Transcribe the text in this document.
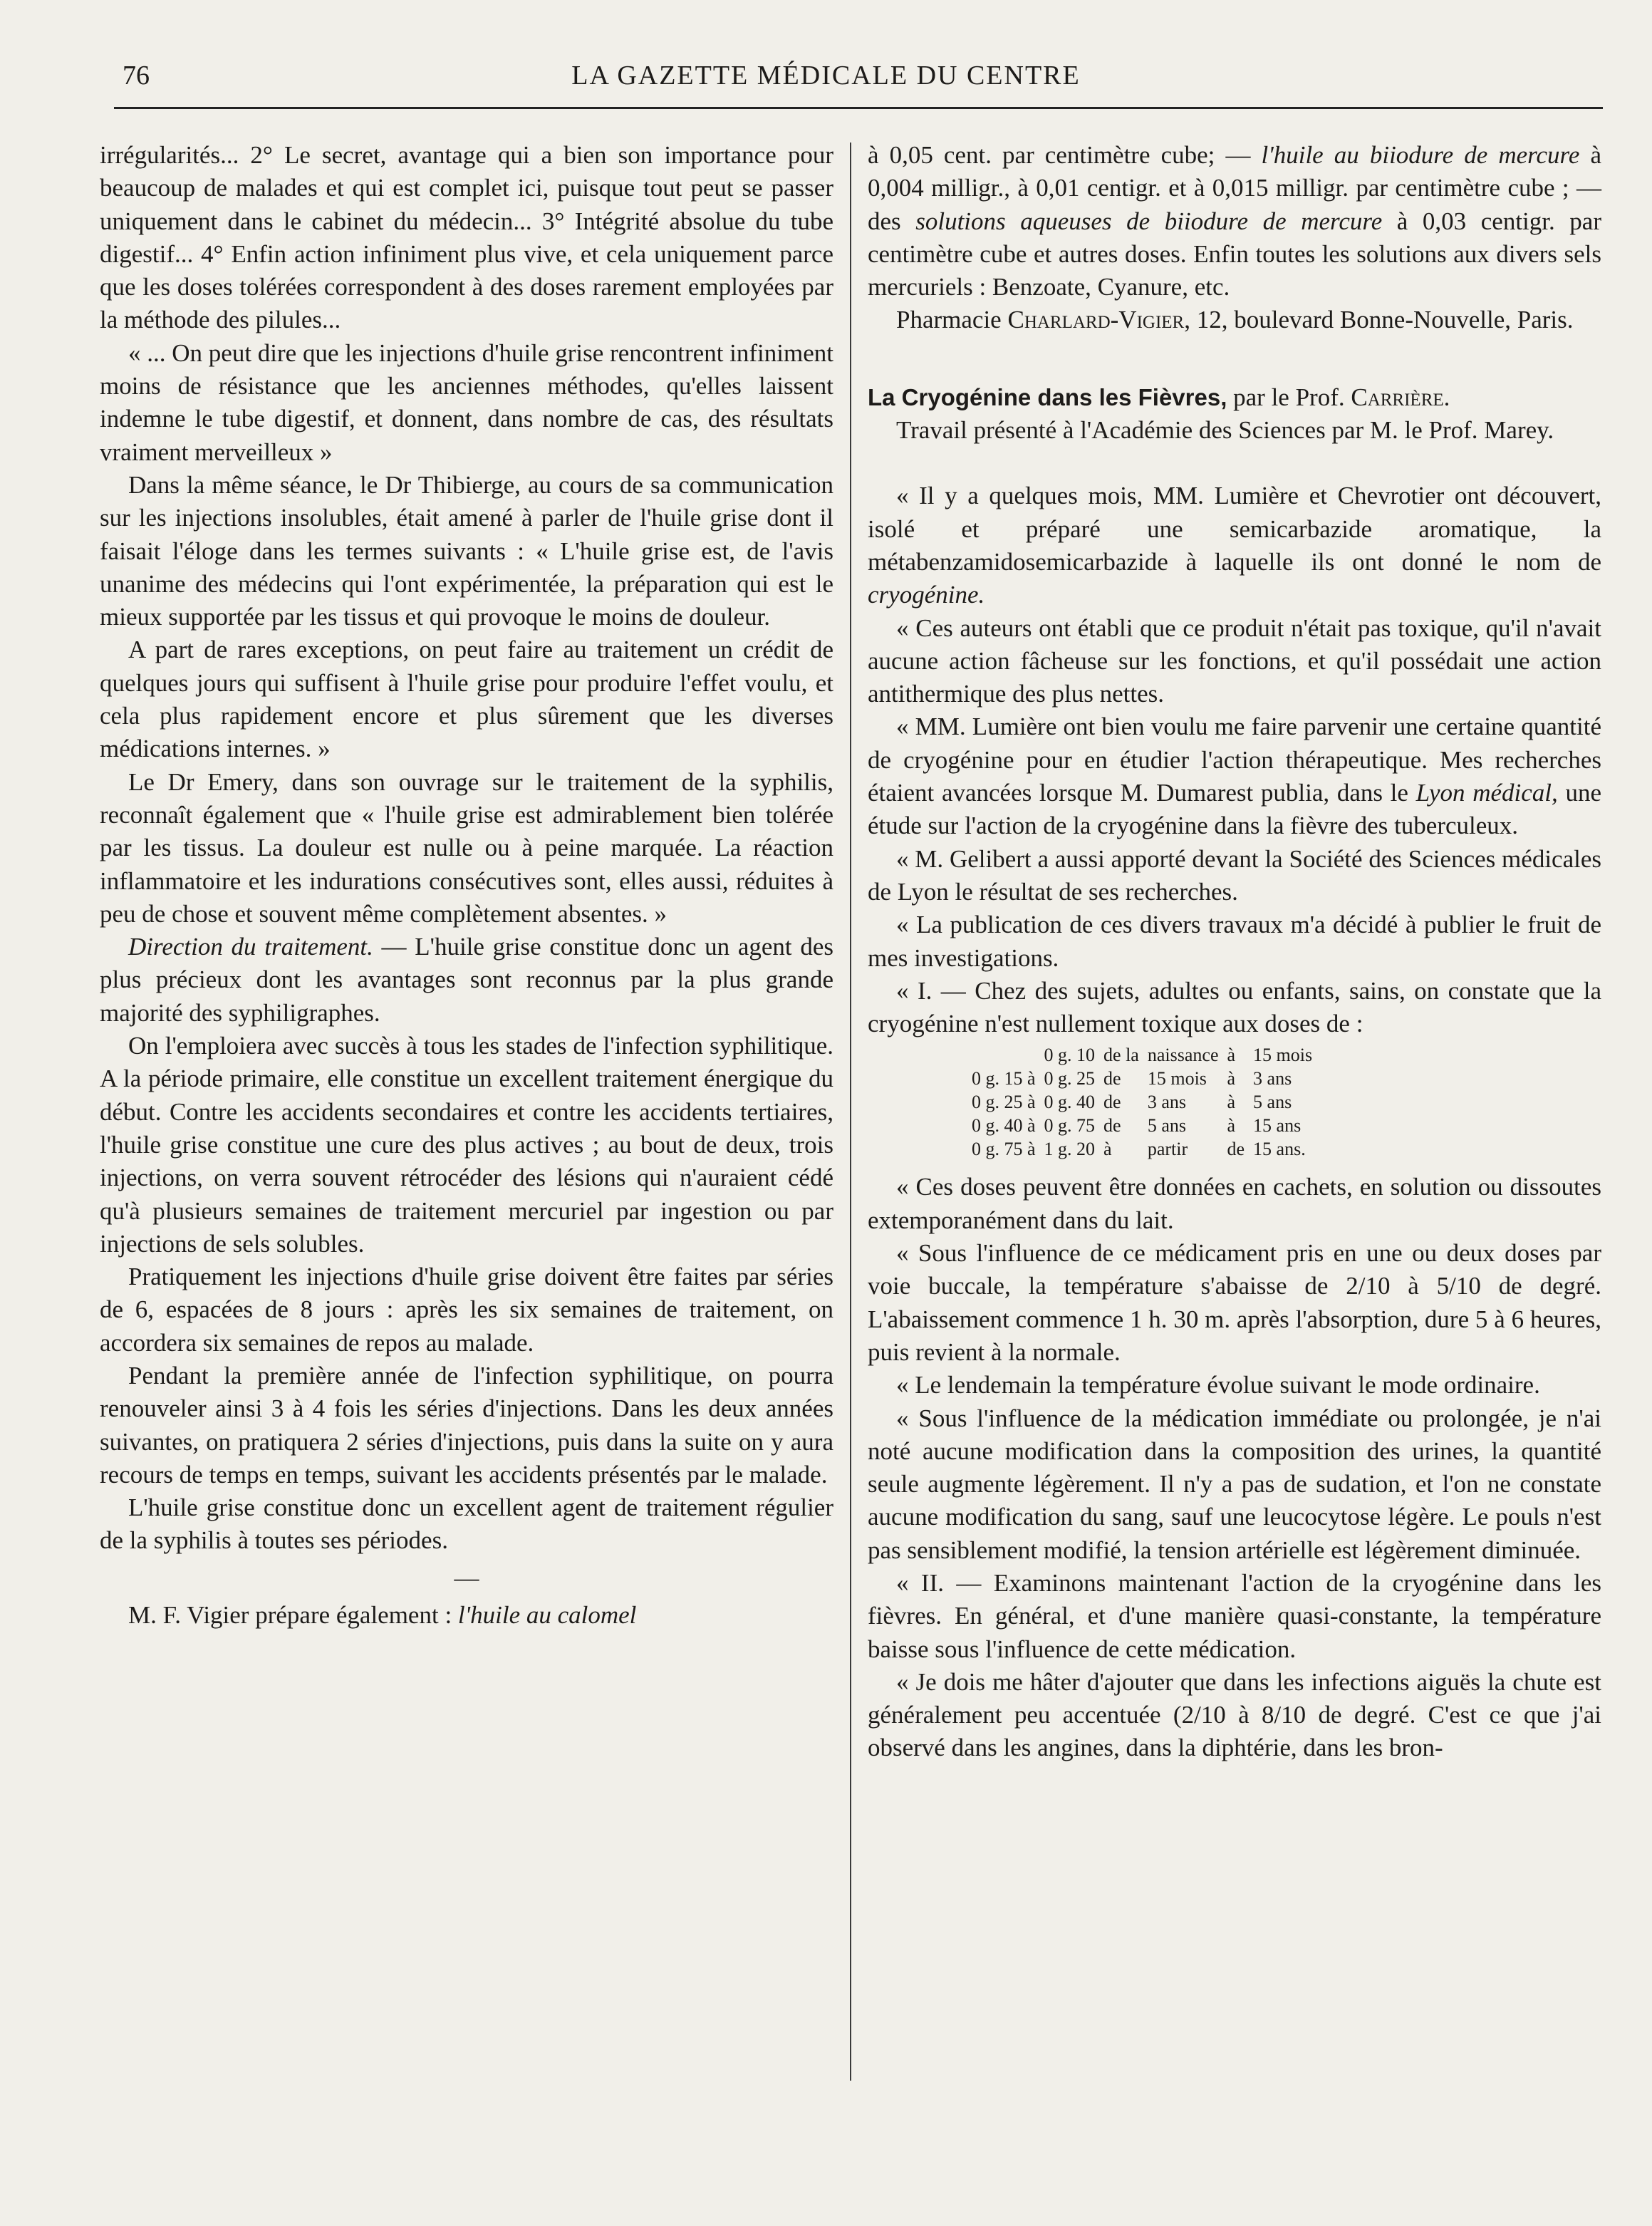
76	LA GAZETTE MÉDICALE DU CENTRE

irrégularités... 2° Le secret, avantage qui a bien son importance pour beaucoup de malades et qui est complet ici, puisque tout peut se passer uniquement dans le cabinet du médecin... 3° Intégrité absolue du tube digestif... 4° Enfin action infiniment plus vive, et cela uniquement parce que les doses tolérées correspondent à des doses rarement employées par la méthode des pilules...

« ... On peut dire que les injections d'huile grise rencontrent infiniment moins de résistance que les anciennes méthodes, qu'elles laissent indemne le tube digestif, et donnent, dans nombre de cas, des résultats vraiment merveilleux »

Dans la même séance, le Dr Thibierge, au cours de sa communication sur les injections insolubles, était amené à parler de l'huile grise dont il faisait l'éloge dans les termes suivants : « L'huile grise est, de l'avis unanime des médecins qui l'ont expérimentée, la préparation qui est le mieux supportée par les tissus et qui provoque le moins de douleur.

A part de rares exceptions, on peut faire au traitement un crédit de quelques jours qui suffisent à l'huile grise pour produire l'effet voulu, et cela plus rapidement encore et plus sûrement que les diverses médications internes. »

Le Dr Emery, dans son ouvrage sur le traitement de la syphilis, reconnaît également que « l'huile grise est admirablement bien tolérée par les tissus. La douleur est nulle ou à peine marquée. La réaction inflammatoire et les indurations consécutives sont, elles aussi, réduites à peu de chose et souvent même complètement absentes. »

Direction du traitement. — L'huile grise constitue donc un agent des plus précieux dont les avantages sont reconnus par la plus grande majorité des syphiligraphes.

On l'emploiera avec succès à tous les stades de l'infection syphilitique. A la période primaire, elle constitue un excellent traitement énergique du début. Contre les accidents secondaires et contre les accidents tertiaires, l'huile grise constitue une cure des plus actives ; au bout de deux, trois injections, on verra souvent rétrocéder des lésions qui n'auraient cédé qu'à plusieurs semaines de traitement mercuriel par ingestion ou par injections de sels solubles.

Pratiquement les injections d'huile grise doivent être faites par séries de 6, espacées de 8 jours : après les six semaines de traitement, on accordera six semaines de repos au malade.

Pendant la première année de l'infection syphilitique, on pourra renouveler ainsi 3 à 4 fois les séries d'injections. Dans les deux années suivantes, on pratiquera 2 séries d'injections, puis dans la suite on y aura recours de temps en temps, suivant les accidents présentés par le malade.

L'huile grise constitue donc un excellent agent de traitement régulier de la syphilis à toutes ses périodes.

—

M. F. Vigier prépare également : l'huile au calomel

à 0,05 cent. par centimètre cube; — l'huile au biiodure de mercure à 0,004 milligr., à 0,01 centigr. et à 0,015 milligr. par centimètre cube ; — des solutions aqueuses de biiodure de mercure à 0,03 centigr. par centimètre cube et autres doses. Enfin toutes les solutions aux divers sels mercuriels : Benzoate, Cyanure, etc.

Pharmacie Charlard-Vigier, 12, boulevard Bonne-Nouvelle, Paris.

La Cryogénine dans les Fièvres, par le Prof. Carrière.

Travail présenté à l'Académie des Sciences par M. le Prof. Marey.

« Il y a quelques mois, MM. Lumière et Chevrotier ont découvert, isolé et préparé une semicarbazide aromatique, la métabenzamidosemicarbazide à laquelle ils ont donné le nom de cryogénine.

« Ces auteurs ont établi que ce produit n'était pas toxique, qu'il n'avait aucune action fâcheuse sur les fonctions, et qu'il possédait une action antithermique des plus nettes.

« MM. Lumière ont bien voulu me faire parvenir une certaine quantité de cryogénine pour en étudier l'action thérapeutique. Mes recherches étaient avancées lorsque M. Dumarest publia, dans le Lyon médical, une étude sur l'action de la cryogénine dans la fièvre des tuberculeux.

« M. Gelibert a aussi apporté devant la Société des Sciences médicales de Lyon le résultat de ses recherches.

« La publication de ces divers travaux m'a décidé à publier le fruit de mes investigations.

« I. — Chez des sujets, adultes ou enfants, sains, on constate que la cryogénine n'est nullement toxique aux doses de :

	0 g. 10	de la	naissance	à	15 mois
0 g. 15 à	0 g. 25	de	15 mois	à	3 ans
0 g. 25 à	0 g. 40	de	3 ans	à	5 ans
0 g. 40 à	0 g. 75	de	5 ans	à	15 ans
0 g. 75 à	1 g. 20	à	partir	de	15 ans.

« Ces doses peuvent être données en cachets, en solution ou dissoutes extemporanément dans du lait.

« Sous l'influence de ce médicament pris en une ou deux doses par voie buccale, la température s'abaisse de 2/10 à 5/10 de degré. L'abaissement commence 1 h. 30 m. après l'absorption, dure 5 à 6 heures, puis revient à la normale.

« Le lendemain la température évolue suivant le mode ordinaire.

« Sous l'influence de la médication immédiate ou prolongée, je n'ai noté aucune modification dans la composition des urines, la quantité seule augmente légèrement. Il n'y a pas de sudation, et l'on ne constate aucune modification du sang, sauf une leucocytose légère. Le pouls n'est pas sensiblement modifié, la tension artérielle est légèrement diminuée.

« II. — Examinons maintenant l'action de la cryogénine dans les fièvres. En général, et d'une manière quasi-constante, la température baisse sous l'influence de cette médication.

« Je dois me hâter d'ajouter que dans les infections aiguës la chute est généralement peu accentuée (2/10 à 8/10 de degré. C'est ce que j'ai observé dans les angines, dans la diphtérie, dans les bron-
